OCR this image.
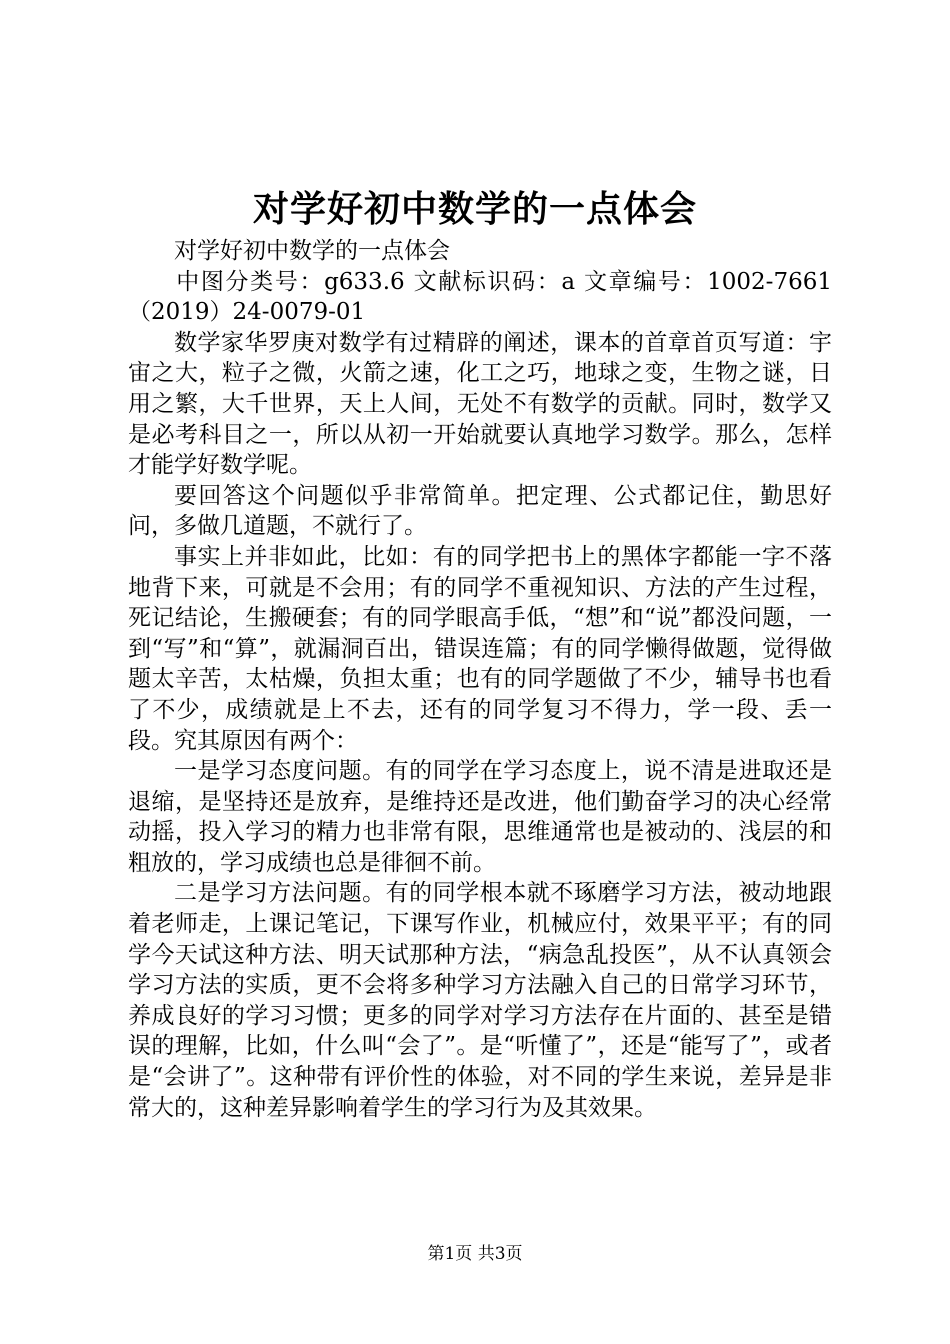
对学好初中数学的一点体会

对学好初中数学的一点体会

中图分类号：g633.6 文献标识码：a 文章编号：1002-7661（2019）24-0079-01

数学家华罗庚对数学有过精辟的阐述，课本的首章首页写道：宇宙之大，粒子之微，火箭之速，化工之巧，地球之变，生物之谜，日用之繁，大千世界，天上人间，无处不有数学的贡献。同时，数学又是必考科目之一，所以从初一开始就要认真地学习数学。那么，怎样才能学好数学呢。

要回答这个问题似乎非常简单。把定理、公式都记住，勤思好问，多做几道题，不就行了。

事实上并非如此，比如：有的同学把书上的黑体字都能一字不落地背下来，可就是不会用；有的同学不重视知识、方法的产生过程，死记结论，生搬硬套；有的同学眼高手低，“想”和“说”都没问题，一到“写”和“算”，就漏洞百出，错误连篇；有的同学懒得做题，觉得做题太辛苦，太枯燥，负担太重；也有的同学题做了不少，辅导书也看了不少，成绩就是上不去，还有的同学复习不得力，学一段、丢一段。究其原因有两个：

一是学习态度问题。有的同学在学习态度上，说不清是进取还是退缩，是坚持还是放弃，是维持还是改进，他们勤奋学习的决心经常动摇，投入学习的精力也非常有限，思维通常也是被动的、浅层的和粗放的，学习成绩也总是徘徊不前。

二是学习方法问题。有的同学根本就不琢磨学习方法，被动地跟着老师走，上课记笔记，下课写作业，机械应付，效果平平；有的同学今天试这种方法、明天试那种方法，“病急乱投医”，从不认真领会学习方法的实质，更不会将多种学习方法融入自己的日常学习环节，养成良好的学习习惯；更多的同学对学习方法存在片面的、甚至是错误的理解，比如，什么叫“会了”。是“听懂了”，还是“能写了”，或者是“会讲了”。这种带有评价性的体验，对不同的学生来说，差异是非常大的，这种差异影响着学生的学习行为及其效果。

第1页 共3页
